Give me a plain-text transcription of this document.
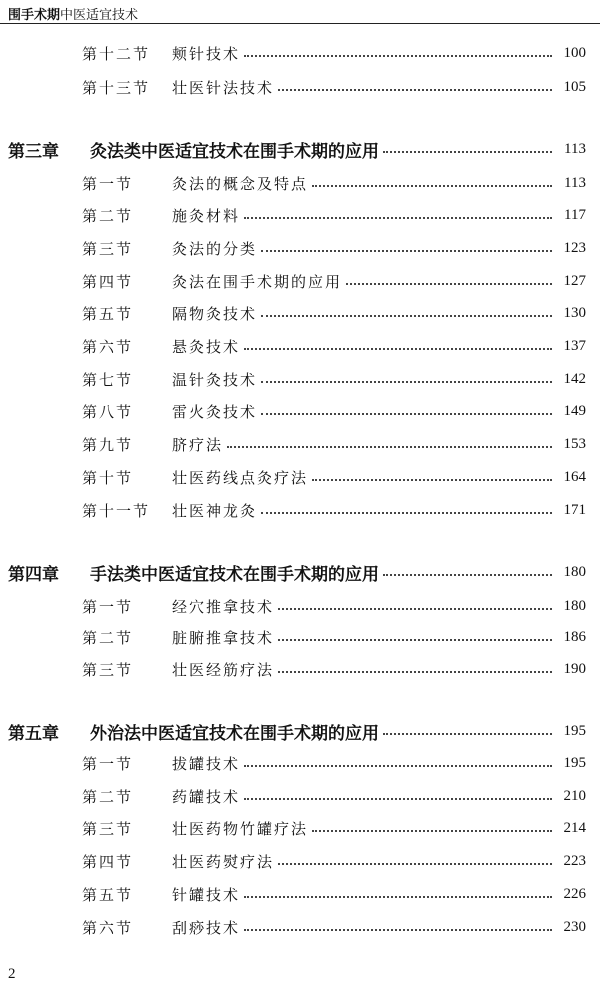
围手术期中医适宜技术
第十二节	颊针技术	100
第十三节	壮医针法技术	105
第三章	灸法类中医适宜技术在围手术期的应用	113
第一节	灸法的概念及特点	113
第二节	施灸材料	117
第三节	灸法的分类	123
第四节	灸法在围手术期的应用	127
第五节	隔物灸技术	130
第六节	悬灸技术	137
第七节	温针灸技术	142
第八节	雷火灸技术	149
第九节	脐疗法	153
第十节	壮医药线点灸疗法	164
第十一节	壮医神龙灸	171
第四章	手法类中医适宜技术在围手术期的应用	180
第一节	经穴推拿技术	180
第二节	脏腑推拿技术	186
第三节	壮医经筋疗法	190
第五章	外治法中医适宜技术在围手术期的应用	195
第一节	拔罐技术	195
第二节	药罐技术	210
第三节	壮医药物竹罐疗法	214
第四节	壮医药熨疗法	223
第五节	针罐技术	226
第六节	刮痧技术	230
2
